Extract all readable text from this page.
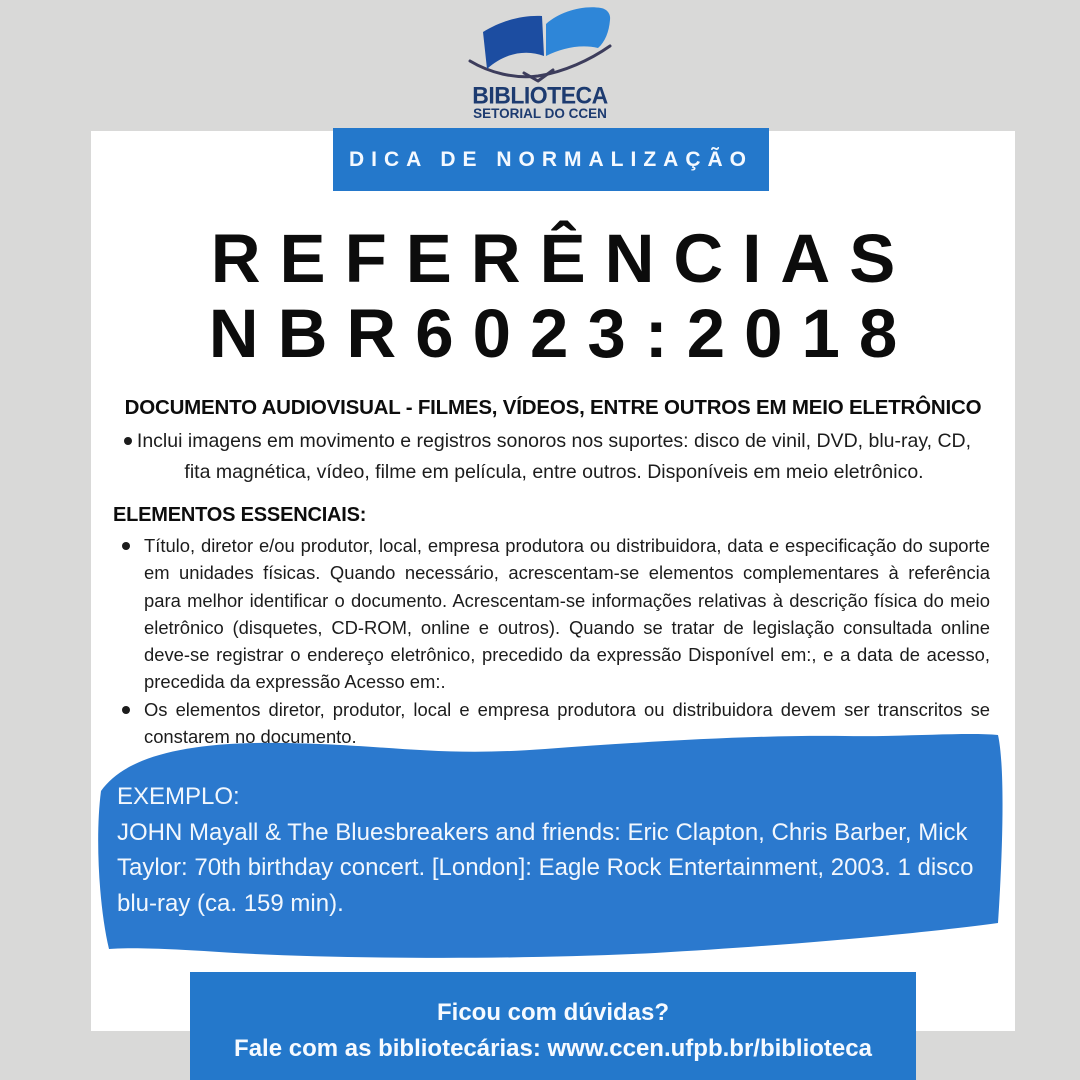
BIBLIOTECA
SETORIAL DO CCEN
DICA DE NORMALIZAÇÃO
REFERÊNCIAS
NBR6023:2018
DOCUMENTO AUDIOVISUAL - FILMES, VÍDEOS, ENTRE OUTROS EM MEIO ELETRÔNICO
Inclui imagens em movimento e registros sonoros nos suportes: disco de vinil, DVD, blu-ray, CD, fita magnética, vídeo, filme em película, entre outros. Disponíveis em meio eletrônico.
ELEMENTOS ESSENCIAIS:
Título, diretor e/ou produtor, local, empresa produtora ou distribuidora, data e especificação do suporte em unidades físicas. Quando necessário, acrescentam-se elementos complementares à referência para melhor identificar o documento. Acrescentam-se informações relativas à descrição física do meio eletrônico (disquetes, CD-ROM, online e outros). Quando se tratar de legislação consultada online deve-se registrar o endereço eletrônico, precedido da expressão Disponível em:, e a data de acesso, precedida da expressão Acesso em:.
Os elementos diretor, produtor, local e empresa produtora ou distribuidora devem ser transcritos se constarem no documento.
EXEMPLO:
JOHN Mayall & The Bluesbreakers and friends: Eric Clapton, Chris Barber, Mick Taylor: 70th birthday concert. [London]: Eagle Rock Entertainment, 2003. 1 disco blu-ray (ca. 159 min).
Ficou com dúvidas?
Fale com as bibliotecárias: www.ccen.ufpb.br/biblioteca
